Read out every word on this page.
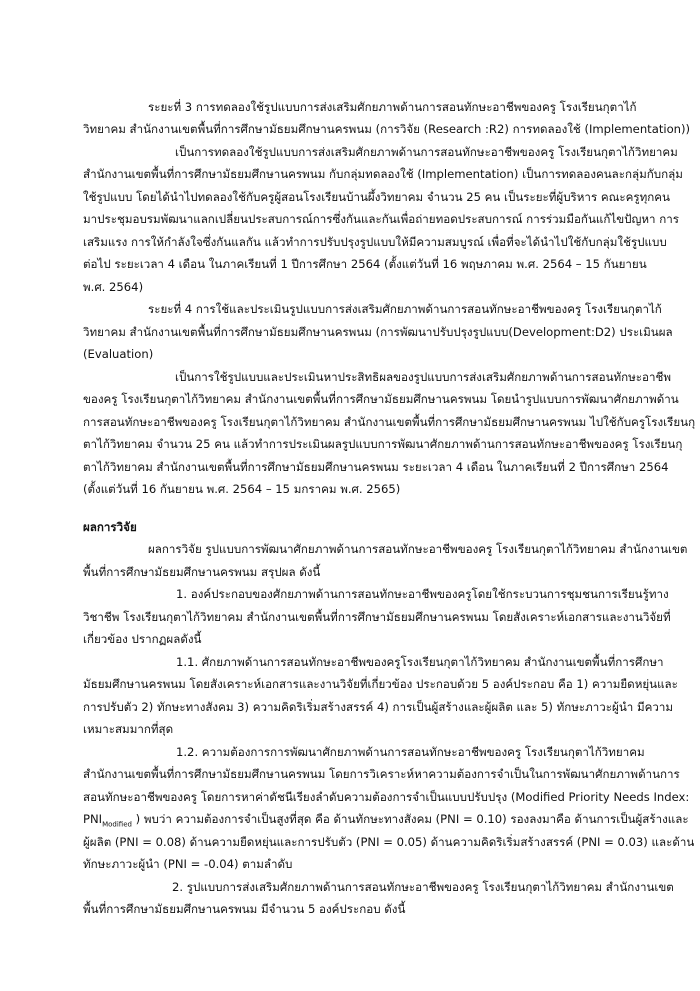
ระยะที่ 3 การทดลองใช้รูปแบบการส่งเสริมศักยภาพด้านการสอนทักษะอาชีพของครู โรงเรียนกุตาไก้
วิทยาคม สำนักงานเขตพื้นที่การศึกษามัธยมศึกษานครพนม (การวิจัย (Research :R2) การทดลองใช้ (Implementation))
เป็นการทดลองใช้รูปแบบการส่งเสริมศักยภาพด้านการสอนทักษะอาชีพของครู โรงเรียนกุตาไก้วิทยาคม
สำนักงานเขตพื้นที่การศึกษามัธยมศึกษานครพนม กับกลุ่มทดลองใช้ (Implementation) เป็นการทดลองคนละกลุ่มกับกลุ่ม
ใช้รูปแบบ โดยได้นำไปทดลองใช้กับครูผู้สอนโรงเรียนบ้านผึ้งวิทยาคม จำนวน 25 คน เป็นระยะที่ผู้บริหาร คณะครูทุกคน
มาประชุมอบรมพัฒนาแลกเปลี่ยนประสบการณ์การซึ่งกันและกันเพื่อถ่ายทอดประสบการณ์ การร่วมมือกันแก้ไขปัญหา การ
เสริมแรง การให้กำลังใจซึ่งกันแลกัน แล้วทำการปรับปรุงรูปแบบให้มีความสมบูรณ์ เพื่อที่จะได้นำไปใช้กับกลุ่มใช้รูปแบบ
ต่อไป ระยะเวลา 4 เดือน ในภาคเรียนที่ 1 ปีการศึกษา 2564 (ตั้งแต่วันที่ 16 พฤษภาคม พ.ศ. 2564 – 15 กันยายน
พ.ศ. 2564)
ระยะที่ 4 การใช้และประเมินรูปแบบการส่งเสริมศักยภาพด้านการสอนทักษะอาชีพของครู โรงเรียนกุตาไก้
วิทยาคม สำนักงานเขตพื้นที่การศึกษามัธยมศึกษานครพนม (การพัฒนาปรับปรุงรูปแบบ(Development:D2) ประเมินผล
(Evaluation)
เป็นการใช้รูปแบบและประเมินหาประสิทธิผลของรูปแบบการส่งเสริมศักยภาพด้านการสอนทักษะอาชีพ
ของครู โรงเรียนกุตาไก้วิทยาคม สำนักงานเขตพื้นที่การศึกษามัธยมศึกษานครพนม โดยนำรูปแบบการพัฒนาศักยภาพด้าน
การสอนทักษะอาชีพของครู โรงเรียนกุตาไก้วิทยาคม สำนักงานเขตพื้นที่การศึกษามัธยมศึกษานครพนม ไปใช้กับครูโรงเรียนกุ
ตาไก้วิทยาคม จำนวน 25 คน แล้วทำการประเมินผลรูปแบบการพัฒนาศักยภาพด้านการสอนทักษะอาชีพของครู โรงเรียนกุ
ตาไก้วิทยาคม สำนักงานเขตพื้นที่การศึกษามัธยมศึกษานครพนม ระยะเวลา 4 เดือน ในภาคเรียนที่ 2 ปีการศึกษา 2564
(ตั้งแต่วันที่ 16 กันยายน พ.ศ. 2564 – 15 มกราคม พ.ศ. 2565)
ผลการวิจัย
ผลการวิจัย รูปแบบการพัฒนาศักยภาพด้านการสอนทักษะอาชีพของครู โรงเรียนกุตาไก้วิทยาคม สำนักงานเขต
พื้นที่การศึกษามัธยมศึกษานครพนม สรุปผล ดังนี้
1. องค์ประกอบของศักยภาพด้านการสอนทักษะอาชีพของครูโดยใช้กระบวนการชุมชนการเรียนรู้ทาง
วิชาชีพ โรงเรียนกุตาไก้วิทยาคม สำนักงานเขตพื้นที่การศึกษามัธยมศึกษานครพนม โดยสังเคราะห์เอกสารและงานวิจัยที่
เกี่ยวข้อง ปรากฏผลดังนี้
1.1. ศักยภาพด้านการสอนทักษะอาชีพของครูโรงเรียนกุตาไก้วิทยาคม สำนักงานเขตพื้นที่การศึกษา
มัธยมศึกษานครพนม โดยสังเคราะห์เอกสารและงานวิจัยที่เกี่ยวข้อง ประกอบด้วย 5 องค์ประกอบ คือ 1) ความยืดหยุ่นและ
การปรับตัว 2) ทักษะทางสังคม 3) ความคิดริเริ่มสร้างสรรค์ 4) การเป็นผู้สร้างและผู้ผลิต และ 5) ทักษะภาวะผู้นำ มีความ
เหมาะสมมากที่สุด
1.2. ความต้องการการพัฒนาศักยภาพด้านการสอนทักษะอาชีพของครู โรงเรียนกุตาไก้วิทยาคม
สำนักงานเขตพื้นที่การศึกษามัธยมศึกษานครพนม โดยการวิเคราะห์หาความต้องการจำเป็นในการพัฒนาศักยภาพด้านการ
สอนทักษะอาชีพของครู โดยการหาค่าดัชนีเรียงลำดับความต้องการจำเป็นแบบปรับปรุง (Modified Priority Needs Index:
$PNI_{Modified}$ ) พบว่า ความต้องการจำเป็นสูงที่สุด คือ ด้านทักษะทางสังคม (PNI = 0.10) รองลงมาคือ ด้านการเป็นผู้สร้างและ
ผู้ผลิต (PNI = 0.08) ด้านความยืดหยุ่นและการปรับตัว (PNI = 0.05) ด้านความคิดริเริ่มสร้างสรรค์ (PNI = 0.03) และด้าน
ทักษะภาวะผู้นำ (PNI = -0.04) ตามลำดับ
2. รูปแบบการส่งเสริมศักยภาพด้านการสอนทักษะอาชีพของครู โรงเรียนกุตาไก้วิทยาคม สำนักงานเขต
พื้นที่การศึกษามัธยมศึกษานครพนม มีจำนวน 5 องค์ประกอบ ดังนี้
